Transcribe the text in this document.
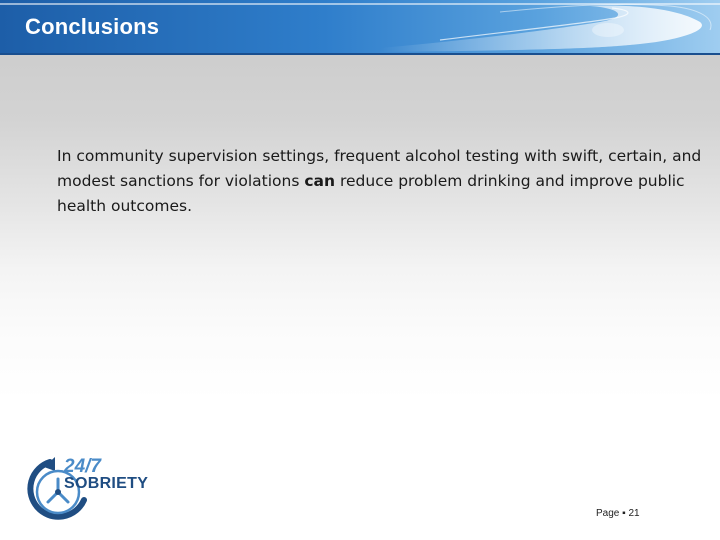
Conclusions

In community supervision settings, frequent alcohol testing with swift, certain, and modest sanctions for violations can reduce problem drinking and improve public health outcomes.

24/7
SOBRIETY
Page ▪ 21
